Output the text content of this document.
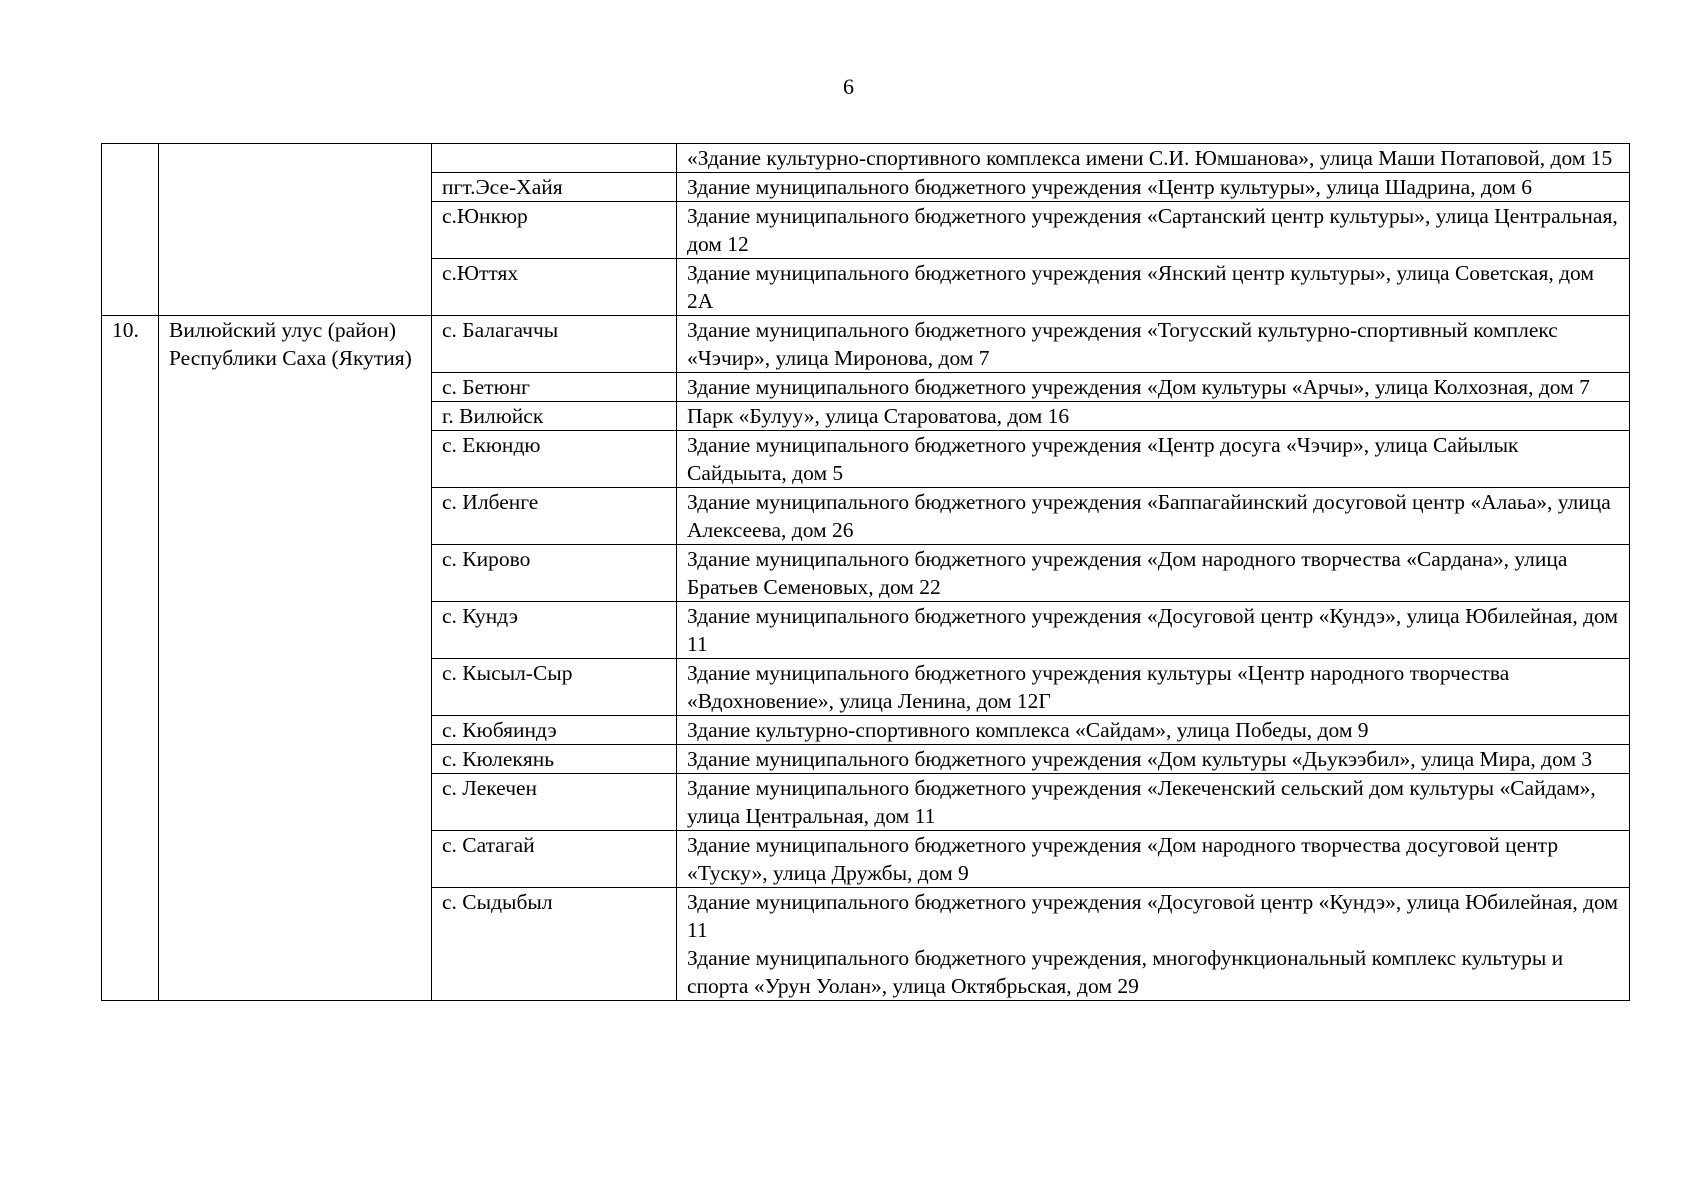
6

			«Здание культурно-спортивного комплекса имени С.И. Юмшанова», улица Маши Потаповой, дом 15

		пгт.Эсе-Хайя	Здание муниципального бюджетного учреждения «Центр культуры», улица Шадрина, дом 6

		с.Юнкюр	Здание муниципального бюджетного учреждения «Сартанский центр культуры», улица Центральная, дом 12

		с.Юттях	Здание муниципального бюджетного учреждения «Янский центр культуры», улица Советская, дом 2А

10.	Вилюйский улус (район) Республики Саха (Якутия)	с. Балагаччы	Здание муниципального бюджетного учреждения «Тогусский культурно-спортивный комплекс «Чэчир», улица Миронова, дом 7

		с. Бетюнг	Здание муниципального бюджетного учреждения «Дом культуры «Арчы», улица Колхозная, дом 7

		г. Вилюйск	Парк «Булуу», улица Староватова, дом 16

		с. Екюндю	Здание муниципального бюджетного учреждения «Центр досуга «Чэчир», улица Сайылык Сайдыыта, дом 5

		с. Илбенге	Здание муниципального бюджетного учреждения «Баппагайинский досуговой центр «Алаьа», улица Алексеева, дом 26

		с. Кирово	Здание муниципального бюджетного учреждения «Дом народного творчества «Сардана», улица Братьев Семеновых, дом 22

		с. Кундэ	Здание муниципального бюджетного учреждения «Досуговой центр «Кундэ», улица Юбилейная, дом 11

		с. Кысыл-Сыр	Здание муниципального бюджетного учреждения культуры «Центр народного творчества «Вдохновение», улица Ленина, дом 12Г

		с. Кюбяиндэ	Здание культурно-спортивного комплекса «Сайдам», улица Победы, дом 9

		с. Кюлекянь	Здание муниципального бюджетного учреждения «Дом культуры «Дьукээбил», улица Мира, дом 3

		с. Лекечен	Здание муниципального бюджетного учреждения «Лекеченский сельский дом культуры «Сайдам», улица Центральная, дом 11

		с. Сатагай	Здание муниципального бюджетного учреждения «Дом народного творчества досуговой центр «Туску», улица Дружбы, дом 9

		с. Сыдыбыл	Здание муниципального бюджетного учреждения «Досуговой центр «Кундэ», улица Юбилейная, дом 11
Здание муниципального бюджетного учреждения, многофункциональный комплекс культуры и спорта «Урун Уолан», улица Октябрьская, дом 29
